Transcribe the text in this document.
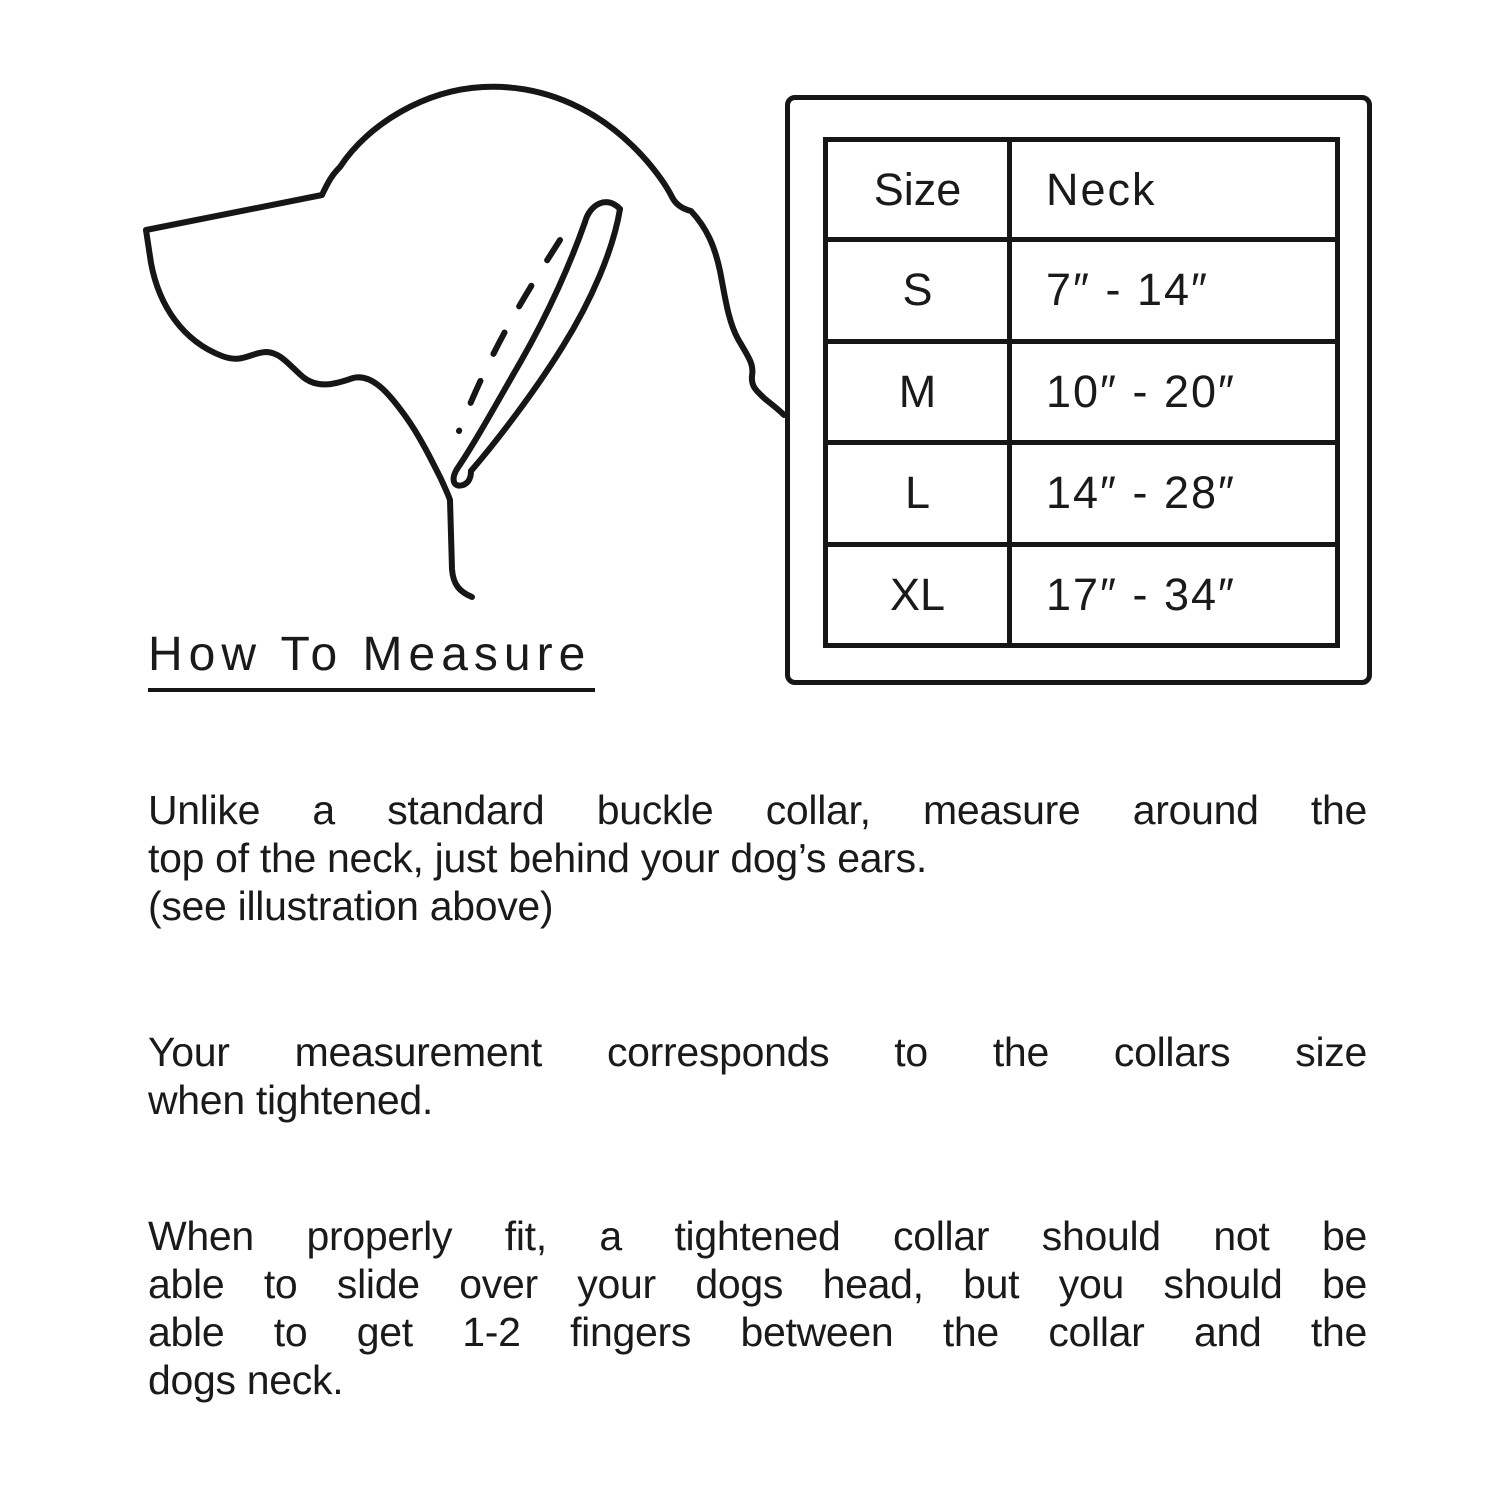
Size	Neck
S	7″ - 14″
M	10″ - 20″
L	14″ - 28″
XL	17″ - 34″
How To Measure
Unlike a standard buckle collar, measure around the
top of the neck, just behind your dog’s ears.
(see illustration above)
Your measurement corresponds to the collars size
when tightened.
When properly fit, a tightened collar should not be
able to slide over your dogs head, but you should be
able to get 1-2 fingers between the collar and the
dogs neck.
